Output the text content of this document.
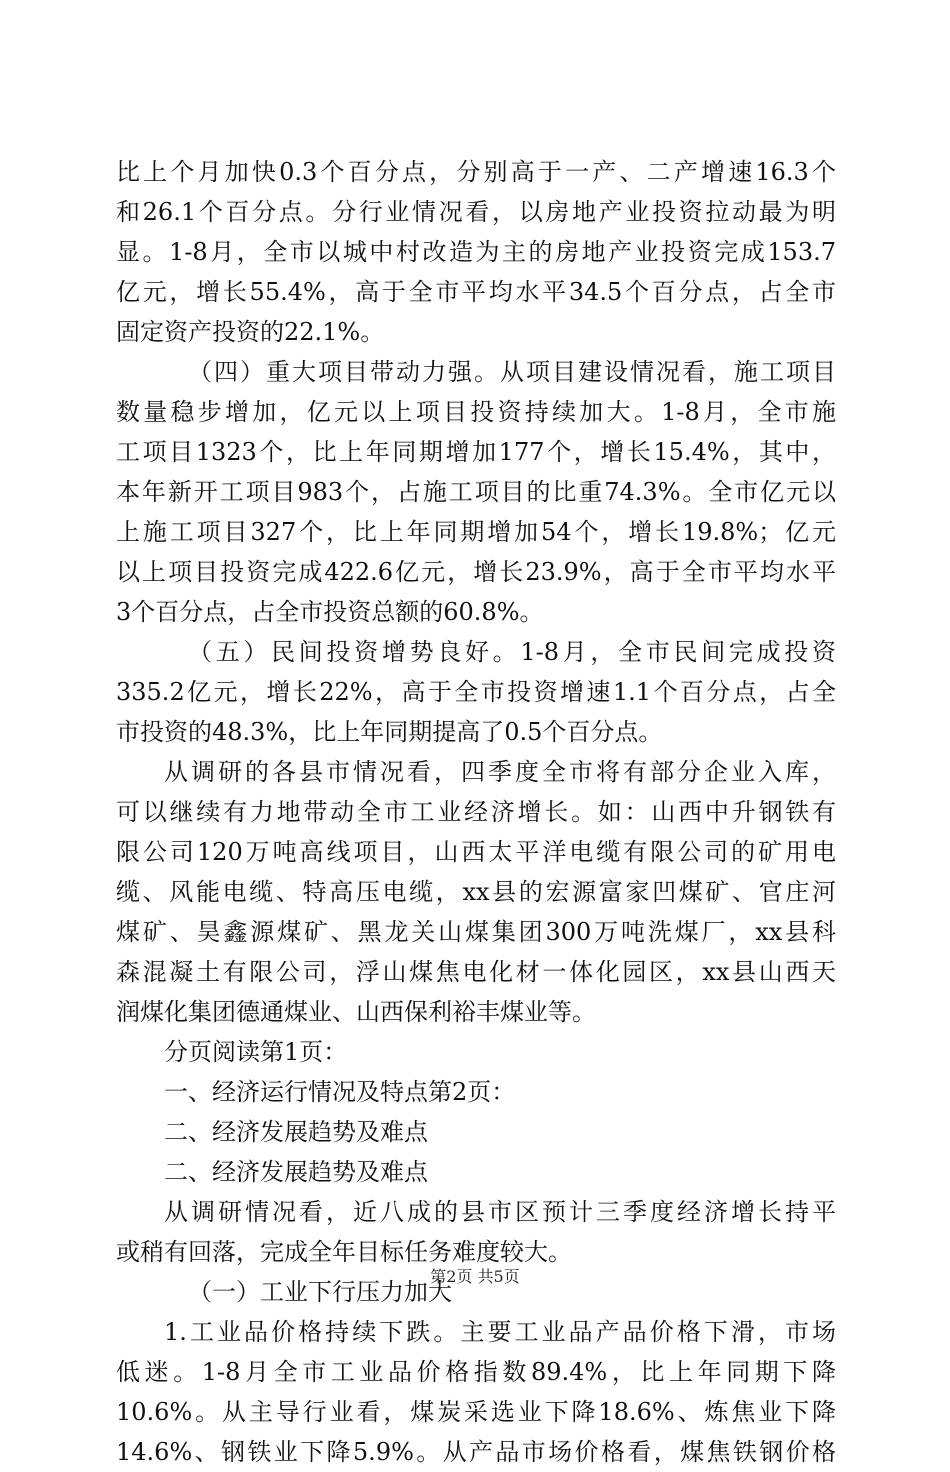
比上个月加快0.3个百分点，分别高于一产、二产增速16.3个
和26.1个百分点。分行业情况看，以房地产业投资拉动最为明
显。1-8月，全市以城中村改造为主的房地产业投资完成153.7
亿元，增长55.4%，高于全市平均水平34.5个百分点，占全市
固定资产投资的22.1%。
（四）重大项目带动力强。从项目建设情况看，施工项目
数量稳步增加，亿元以上项目投资持续加大。1-8月，全市施
工项目1323个，比上年同期增加177个，增长15.4%，其中，
本年新开工项目983个，占施工项目的比重74.3%。全市亿元以
上施工项目327个，比上年同期增加54个，增长19.8%；亿元
以上项目投资完成422.6亿元，增长23.9%，高于全市平均水平
3个百分点，占全市投资总额的60.8%。
（五）民间投资增势良好。1-8月，全市民间完成投资
335.2亿元，增长22%，高于全市投资增速1.1个百分点，占全
市投资的48.3%，比上年同期提高了0.5个百分点。
从调研的各县市情况看，四季度全市将有部分企业入库，
可以继续有力地带动全市工业经济增长。如：山西中升钢铁有
限公司120万吨高线项目，山西太平洋电缆有限公司的矿用电
缆、风能电缆、特高压电缆，xx县的宏源富家凹煤矿、官庄河
煤矿、昊鑫源煤矿、黑龙关山煤集团300万吨洗煤厂，xx县科
森混凝土有限公司，浮山煤焦电化材一体化园区，xx县山西天
润煤化集团德通煤业、山西保利裕丰煤业等。
分页阅读第1页：
一、经济运行情况及特点第2页：
二、经济发展趋势及难点
二、经济发展趋势及难点
从调研情况看，近八成的县市区预计三季度经济增长持平
或稍有回落，完成全年目标任务难度较大。
（一）工业下行压力加大
1.工业品价格持续下跌。主要工业品产品价格下滑，市场
低迷。1-8月全市工业品价格指数89.4%，比上年同期下降
10.6%。从主导行业看，煤炭采选业下降18.6%、炼焦业下降
14.6%、钢铁业下降5.9%。从产品市场价格看，煤焦铁钢价格
第2页 共5页
